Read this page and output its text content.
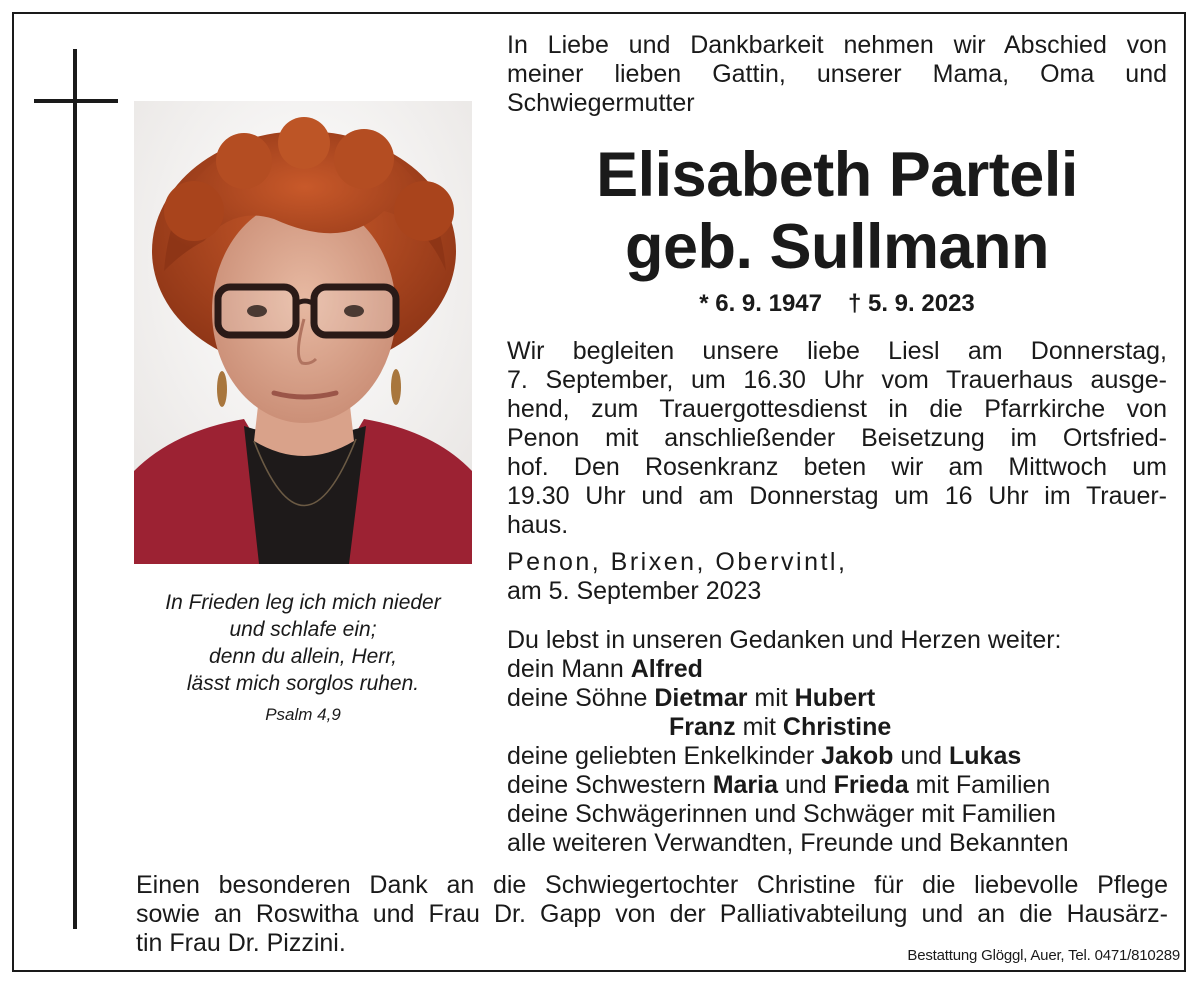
In Frieden leg ich mich nieder
und schlafe ein;
denn du allein, Herr,
lässt mich sorglos ruhen.
Psalm 4,9
In Liebe und Dankbarkeit nehmen wir Abschied von
meiner lieben Gattin, unserer Mama, Oma und
Schwiegermutter
Elisabeth Parteli
geb. Sullmann
* 6. 9. 1947 † 5. 9. 2023
Wir begleiten unsere liebe Liesl am Donnerstag,
7. September, um 16.30 Uhr vom Trauerhaus ausge-
hend, zum Trauergottesdienst in die Pfarrkirche von
Penon mit anschließender Beisetzung im Ortsfried-
hof. Den Rosenkranz beten wir am Mittwoch um
19.30 Uhr und am Donnerstag um 16 Uhr im Trauer-
haus.
Penon, Brixen, Obervintl,
am 5. September 2023
Du lebst in unseren Gedanken und Herzen weiter:
dein Mann Alfred
deine Söhne Dietmar mit Hubert
Franz mit Christine
deine geliebten Enkelkinder Jakob und Lukas
deine Schwestern Maria und Frieda mit Familien
deine Schwägerinnen und Schwäger mit Familien
alle weiteren Verwandten, Freunde und Bekannten
Einen besonderen Dank an die Schwiegertochter Christine für die liebevolle Pflege
sowie an Roswitha und Frau Dr. Gapp von der Palliativabteilung und an die Hausärz-
tin Frau Dr. Pizzini.	Bestattung Glöggl, Auer, Tel. 0471/810289
